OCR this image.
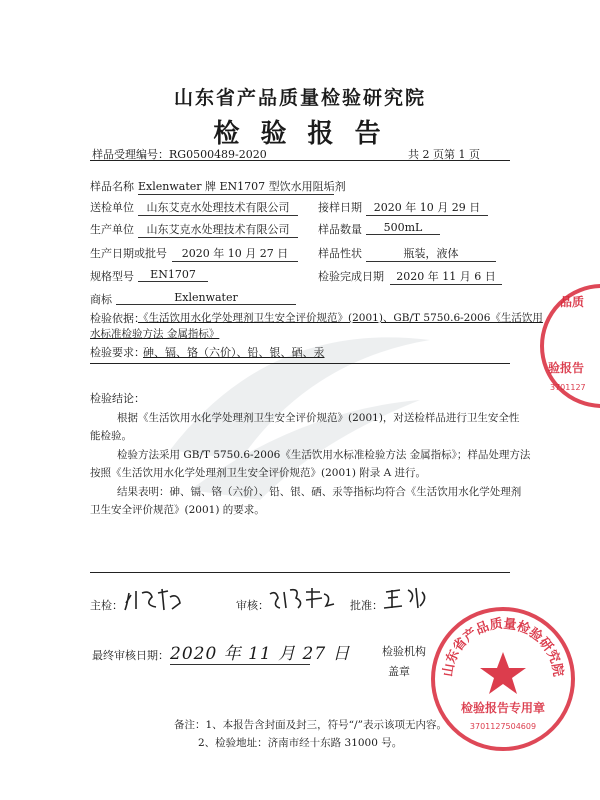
山东省产品质量检验研究院
检 验 报 告
样品受理编号：RG0500489-2020	共 2 页第 1 页
样品名称 Exlenwater 牌 EN1707 型饮水用阻垢剂
送检单位	山东艾克水处理技术有限公司	接样日期	2020 年 10 月 29 日
生产单位	山东艾克水处理技术有限公司	样品数量	500mL
生产日期或批号	2020 年 10 月 27 日	样品性状	瓶装，液体
规格型号	EN1707	检验完成日期	2020 年 11 月 6 日
商标	Exlenwater
检验依据：
《生活饮用水化学处理剂卫生安全评价规范》(2001)、GB/T 5750.6-2006《生活饮用
水标准检验方法 金属指标》
检验要求：
砷、镉、铬（六价）、铅、银、硒、汞
检验结论：
根据《生活饮用水化学处理剂卫生安全评价规范》(2001)，对送检样品进行卫生安全性
能检验。
检验方法采用 GB/T 5750.6-2006《生活饮用水标准检验方法 金属指标》；样品处理方法
按照《生活饮用水化学处理剂卫生安全评价规范》(2001) 附录 A 进行。
结果表明：砷、镉、铬（六价）、铅、银、硒、汞等指标均符合《生活饮用水化学处理剂
卫生安全评价规范》(2001) 的要求。
主检：	审核：	批准：
最终审核日期： 2020 年 11 月 27 日	检验机构
盖章 山东省产品质量检验研究院
检验报告专用章
3701127504609
品质
验报告
3701127
备注：1、本报告含封面及封三，符号“/”表示该项无内容。
2、检验地址：济南市经十东路 31000 号。
